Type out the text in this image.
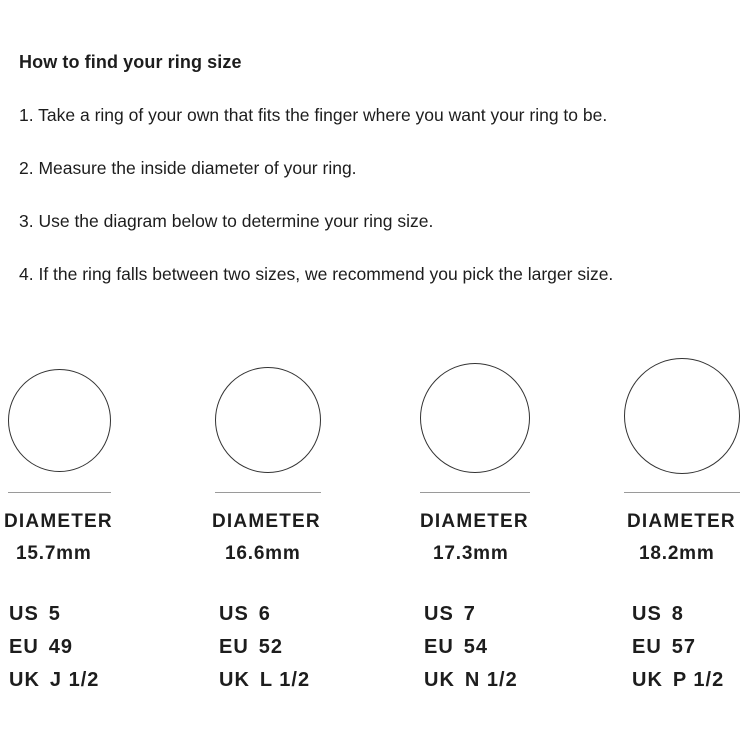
How to find your ring size
1. Take a ring of your own that fits the finger where you want your ring to be.
2. Measure the inside diameter of your ring.
3. Use the diagram below to determine your ring size.
4. If the ring falls between two sizes, we recommend you pick the larger size.
DIAMETER
15.7mm
US 5
EU 49
UK J 1/2
DIAMETER
16.6mm
US 6
EU 52
UK L 1/2
DIAMETER
17.3mm
US 7
EU 54
UK N 1/2
DIAMETER
18.2mm
US 8
EU 57
UK P 1/2
